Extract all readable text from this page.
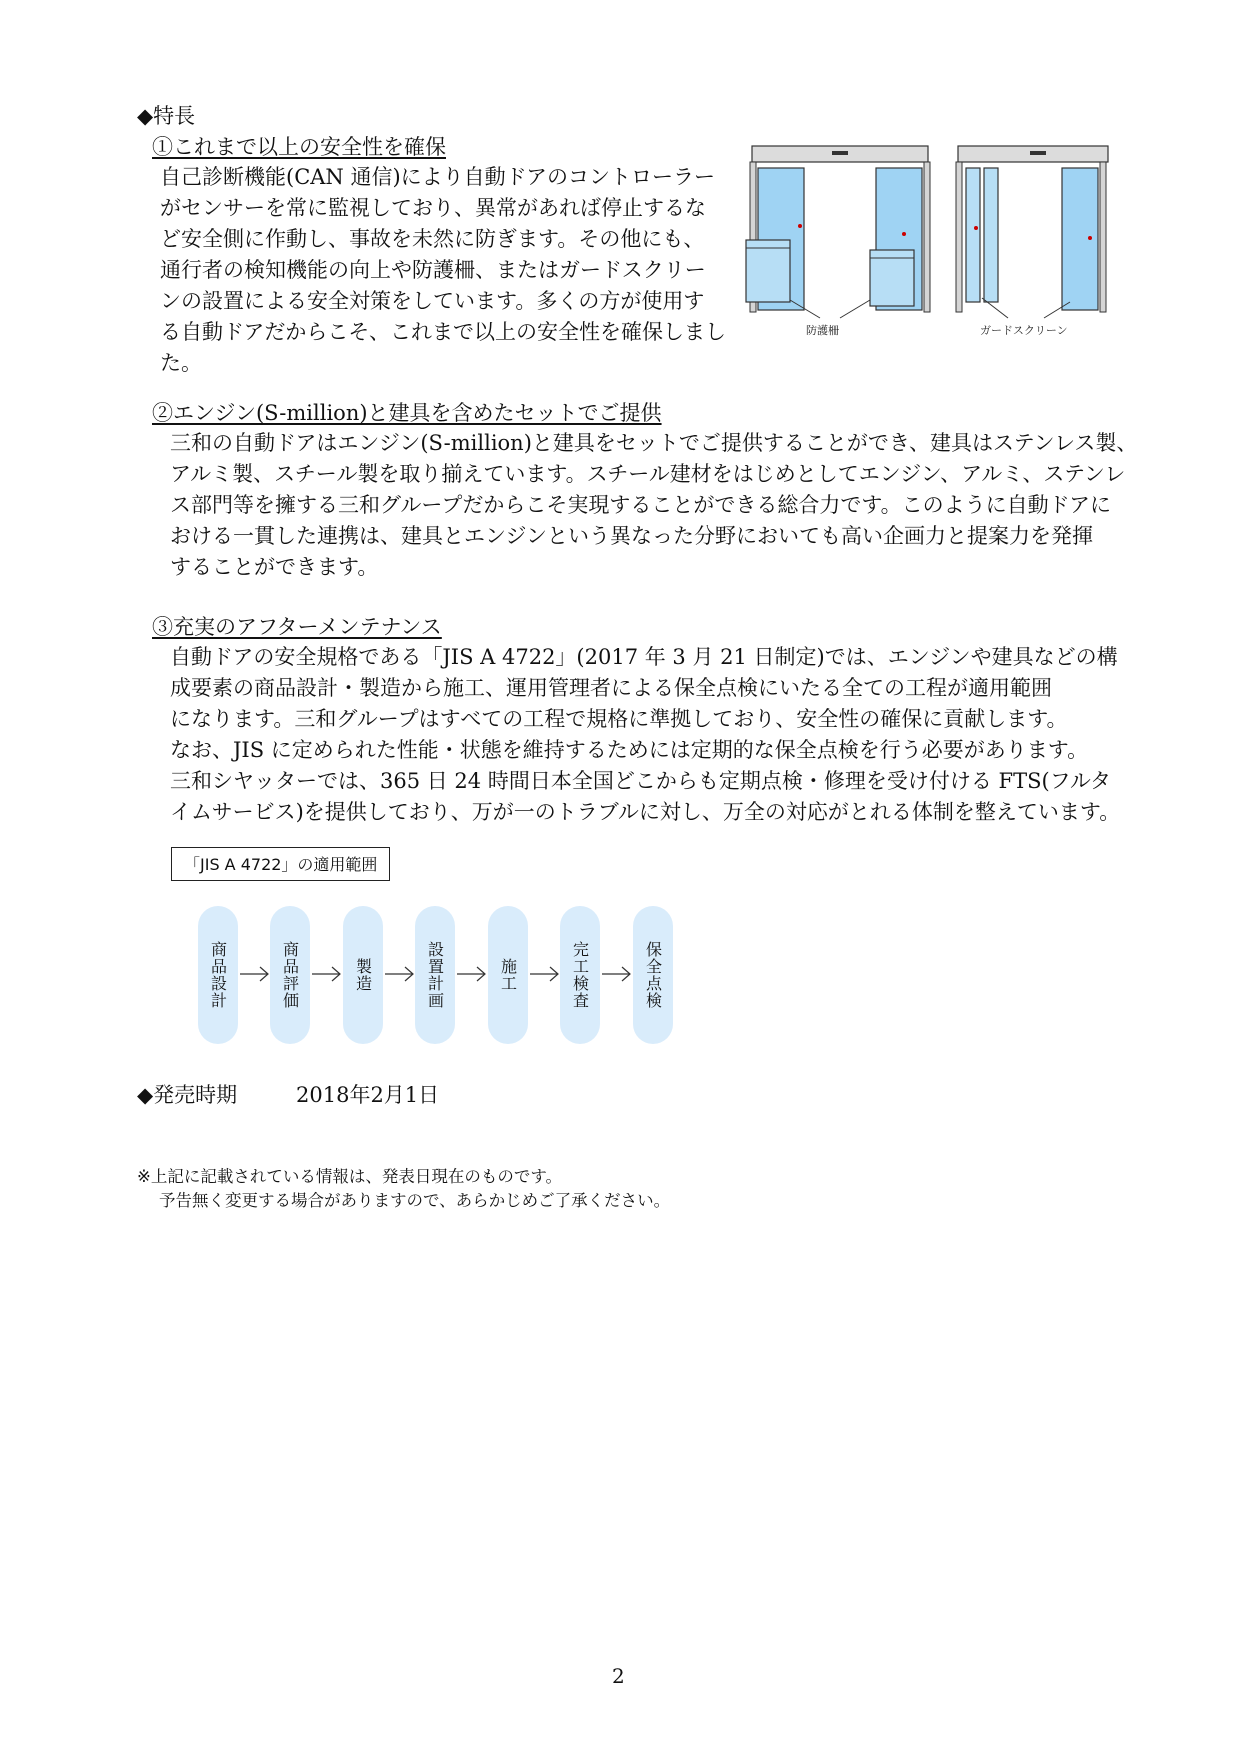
◆特長
①これまで以上の安全性を確保
自己診断機能(CAN 通信)により自動ドアのコントローラー
がセンサーを常に監視しており、異常があれば停止するな
ど安全側に作動し、事故を未然に防ぎます。その他にも、
通行者の検知機能の向上や防護柵、またはガードスクリー
ンの設置による安全対策をしています。多くの方が使用す
る自動ドアだからこそ、これまで以上の安全性を確保しまし
た。
防護柵	ガードスクリーン
②エンジン(S-million)と建具を含めたセットでご提供
三和の自動ドアはエンジン(S-million)と建具をセットでご提供することができ、建具はステンレス製、
アルミ製、スチール製を取り揃えています。スチール建材をはじめとしてエンジン、アルミ、ステンレ
ス部門等を擁する三和グループだからこそ実現することができる総合力です。このように自動ドアに
おける一貫した連携は、建具とエンジンという異なった分野においても高い企画力と提案力を発揮
することができます。
③充実のアフターメンテナンス
自動ドアの安全規格である「JIS A 4722」(2017 年 3 月 21 日制定)では、エンジンや建具などの構
成要素の商品設計・製造から施工、運用管理者による保全点検にいたる全ての工程が適用範囲
になります。三和グループはすべての工程で規格に準拠しており、安全性の確保に貢献します。
なお、JIS に定められた性能・状態を維持するためには定期的な保全点検を行う必要があります。
三和シヤッターでは、365 日 24 時間日本全国どこからも定期点検・修理を受け付ける FTS(フルタ
イムサービス)を提供しており、万が一のトラブルに対し、万全の対応がとれる体制を整えています。
「JIS A 4722」の適用範囲
商品設計	商品評価	製造	設置計画	施工	完工検査	保全点検
◆発売時期	2018年2月1日
※上記に記載されている情報は、発表日現在のものです。
予告無く変更する場合がありますので、あらかじめご了承ください。
2
